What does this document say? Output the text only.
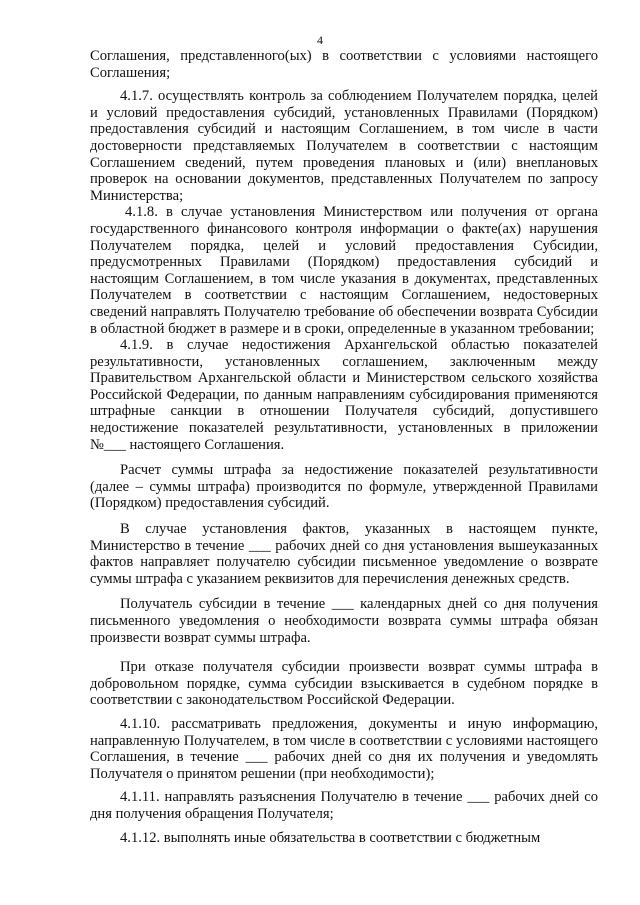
4

Соглашения, представленного(ых) в соответствии с условиями настоящего Соглашения;

4.1.7. осуществлять контроль за соблюдением Получателем порядка, целей и условий предоставления субсидий, установленных Правилами (Порядком) предоставления субсидий и настоящим Соглашением, в том числе в части достоверности представляемых Получателем в соответствии с настоящим Соглашением сведений, путем проведения плановых и (или) внеплановых проверок на основании документов, представленных Получателем по запросу Министерства;

4.1.8. в случае установления Министерством или получения от органа государственного финансового контроля информации о факте(ах) нарушения Получателем порядка, целей и условий предоставления Субсидии, предусмотренных Правилами (Порядком) предоставления субсидий и настоящим Соглашением, в том числе указания в документах, представленных Получателем в соответствии с настоящим Соглашением, недостоверных сведений направлять Получателю требование об обеспечении возврата Субсидии в областной бюджет в размере и в сроки, определенные в указанном требовании;

4.1.9. в случае недостижения Архангельской областью показателей результативности, установленных соглашением, заключенным между Правительством Архангельской области и Министерством сельского хозяйства Российской Федерации, по данным направлениям субсидирования применяются штрафные санкции в отношении Получателя субсидий, допустившего недостижение показателей результативности, установленных в приложении №___ настоящего Соглашения.

Расчет суммы штрафа за недостижение показателей результативности (далее – суммы штрафа) производится по формуле, утвержденной Правилами (Порядком) предоставления субсидий.

В случае установления фактов, указанных в настоящем пункте, Министерство в течение ___ рабочих дней со дня установления вышеуказанных фактов направляет получателю субсидии письменное уведомление о возврате суммы штрафа с указанием реквизитов для перечисления денежных средств.

Получатель субсидии в течение ___ календарных дней со дня получения письменного уведомления о необходимости возврата суммы штрафа обязан произвести возврат суммы штрафа.

При отказе получателя субсидии произвести возврат суммы штрафа в добровольном порядке, сумма субсидии взыскивается в судебном порядке в соответствии с законодательством Российской Федерации.

4.1.10. рассматривать предложения, документы и иную информацию, направленную Получателем, в том числе в соответствии с условиями настоящего Соглашения, в течение ___ рабочих дней со дня их получения и уведомлять Получателя о принятом решении (при необходимости);

4.1.11. направлять разъяснения Получателю в течение ___ рабочих дней со дня получения обращения Получателя;

4.1.12. выполнять иные обязательства в соответствии с бюджетным
